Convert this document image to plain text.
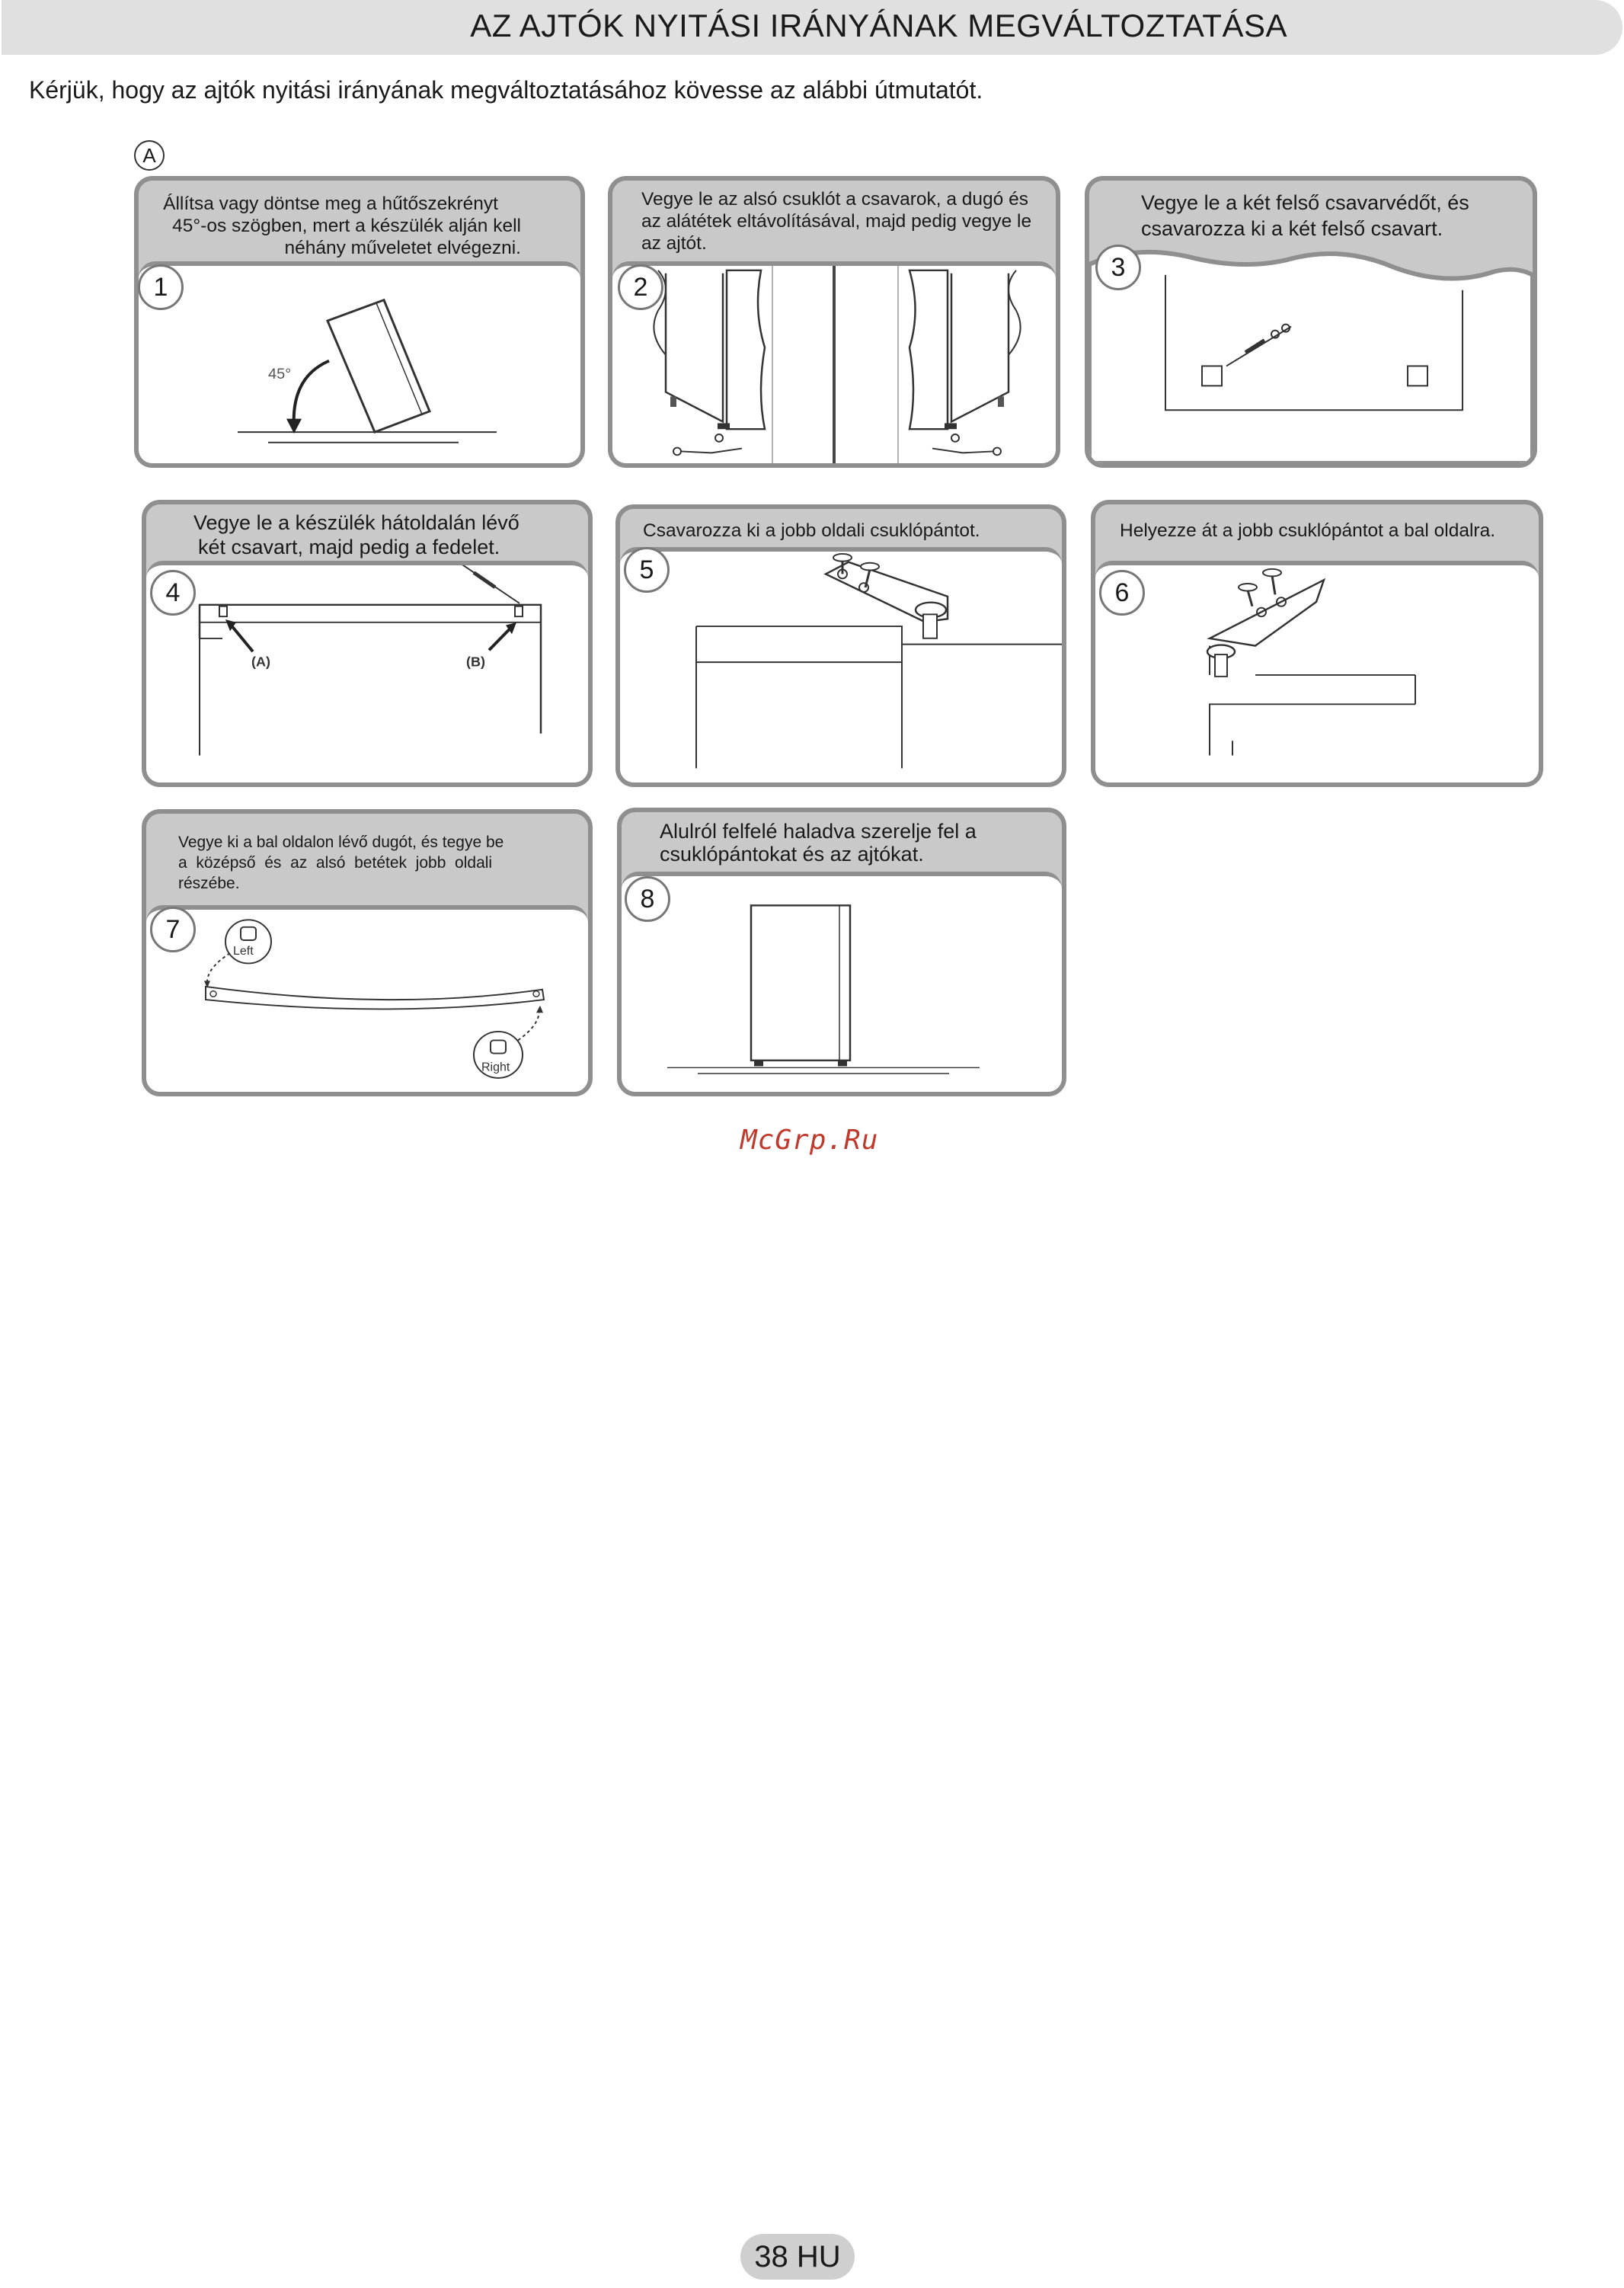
AZ AJTÓK NYITÁSI IRÁNYÁNAK MEGVÁLTOZTATÁSA
Kérjük, hogy az ajtók nyitási irányának megváltoztatásához kövesse az alábbi útmutatót.
A
Állítsa vagy döntse meg a hűtőszekrényt
45°-os szögben, mert a készülék alján kell
néhány műveletet elvégezni.
45°
1
Vegye le az alsó csuklót a csavarok, a dugó és
az alátétek eltávolításával, majd pedig vegye le
az ajtót.
2
Vegye le a két felső csavarvédőt, és
csavarozza ki a két felső csavart.
3
Vegye le a készülék hátoldalán lévő
két csavart, majd pedig a fedelet.
(A)	(B)
4
Csavarozza ki a jobb oldali csuklópántot.
5
Helyezze át a jobb csuklópántot a bal oldalra.
6
Vegye ki a bal oldalon lévő dugót, és tegye be
a  középső  és  az  alsó  betétek  jobb  oldali
részébe.
Left
Right
7
Alulról felfelé haladva szerelje fel a
csuklópántokat és az ajtókat.
8
McGrp.Ru
38 HU
